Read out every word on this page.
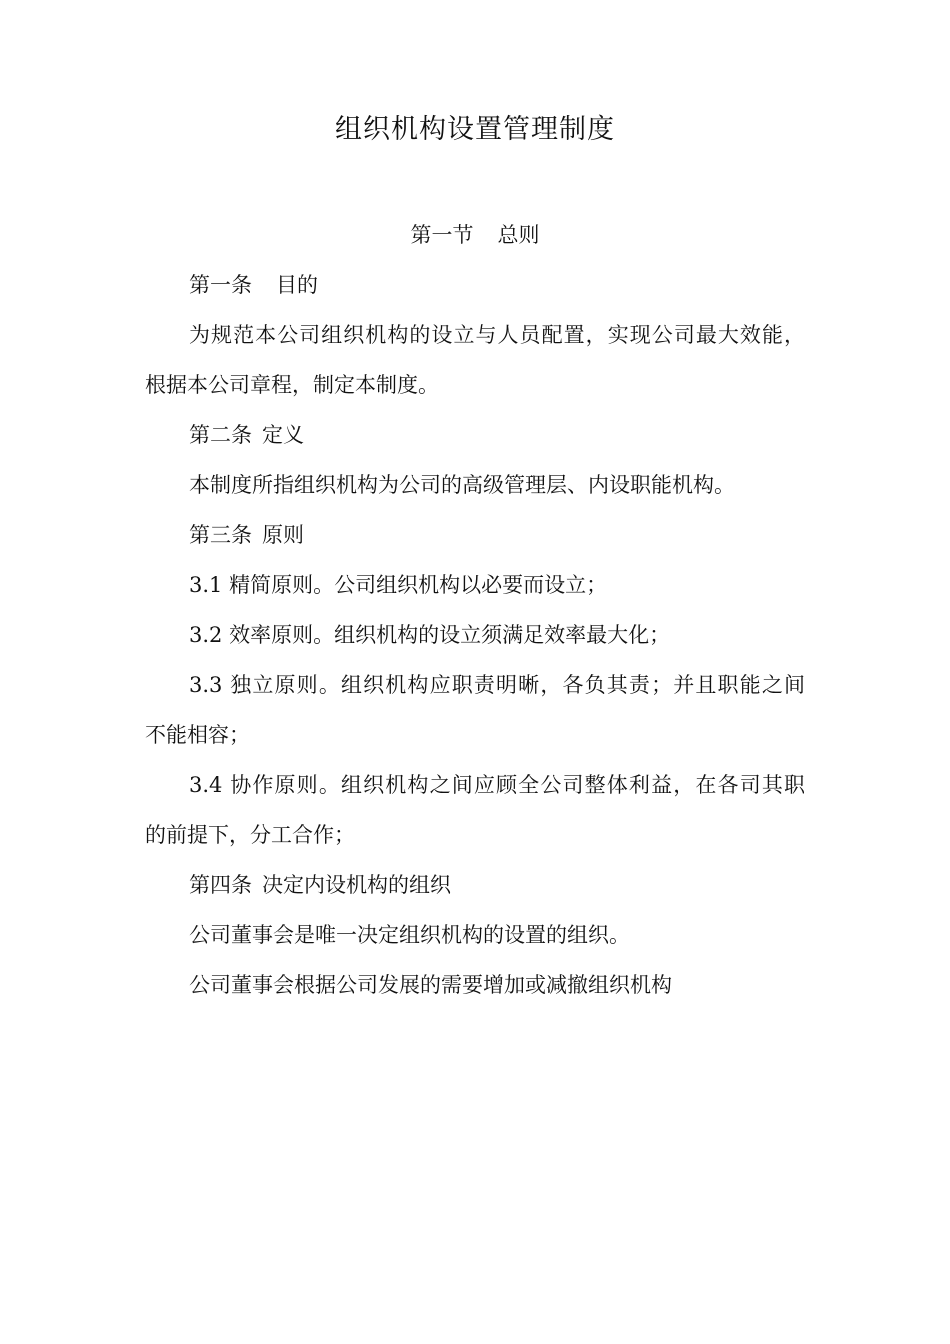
组织机构设置管理制度
第一节 总则
第一条 目的
为规范本公司组织机构的设立与人员配置，实现公司最大效能，
根据本公司章程，制定本制度。
第二条 定义
本制度所指组织机构为公司的高级管理层、内设职能机构。
第三条 原则
3.1 精简原则。公司组织机构以必要而设立；
3.2 效率原则。组织机构的设立须满足效率最大化；
3.3 独立原则。组织机构应职责明晰，各负其责；并且职能之间
不能相容；
3.4 协作原则。组织机构之间应顾全公司整体利益，在各司其职
的前提下，分工合作；
第四条 决定内设机构的组织
公司董事会是唯一决定组织机构的设置的组织。
公司董事会根据公司发展的需要增加或减撤组织机构
